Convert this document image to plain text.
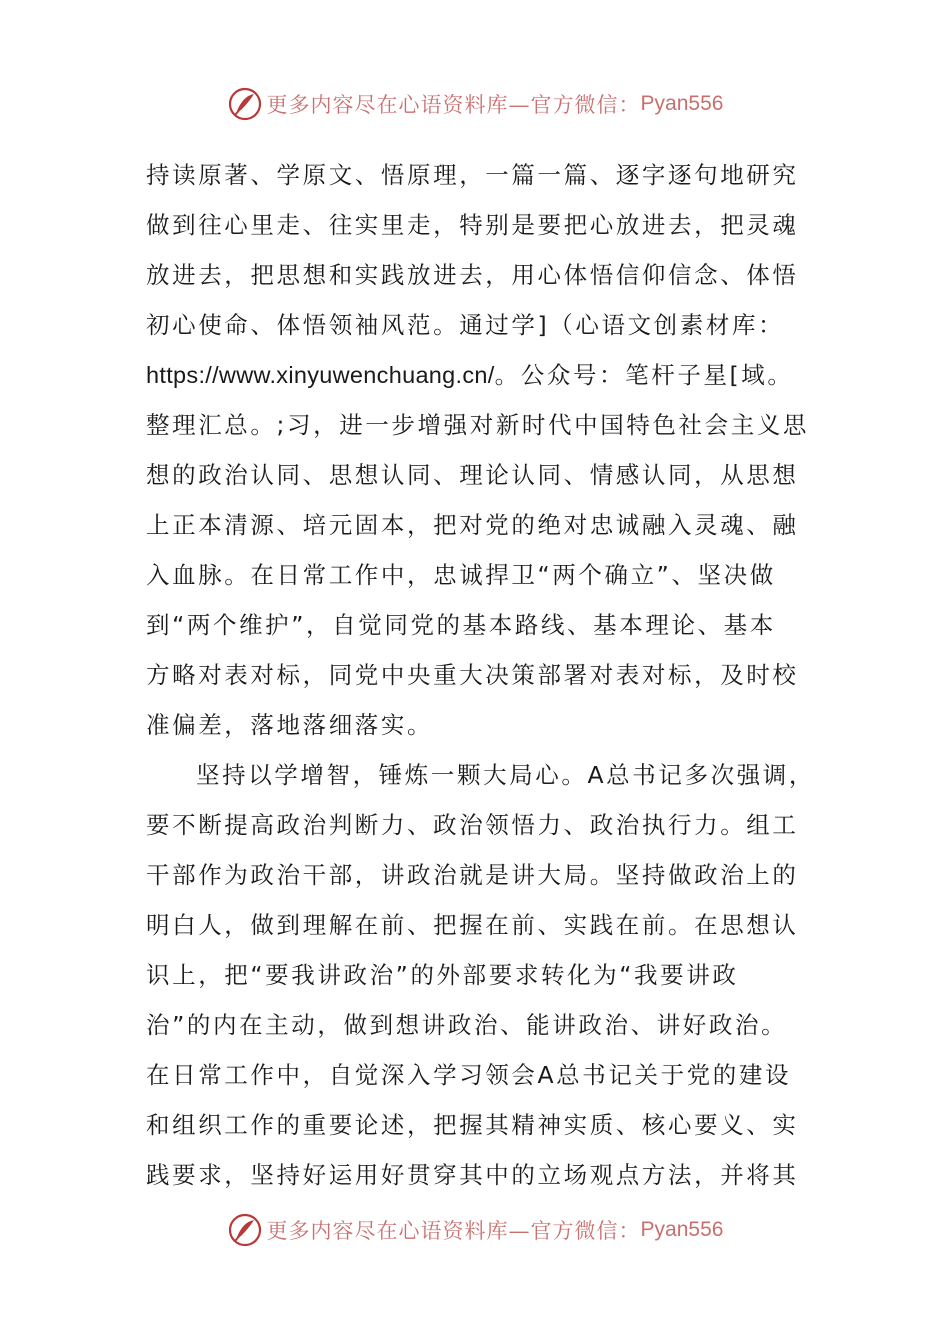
更多内容尽在心语资料库—官方微信： Pyan556
持读原著、学原文、悟原理，一篇一篇、逐字逐句地研究
做到往心里走、往实里走，特别是要把心放进去，把灵魂
放进去，把思想和实践放进去，用心体悟信仰信念、体悟
初心使命、体悟领袖风范。通过学]（心语文创素材库：
https://www.xinyuwenchuang.cn/。公众号：笔杆子星[域。
整理汇总。;习，进一步增强对新时代中国特色社会主义思
想的政治认同、思想认同、理论认同、情感认同，从思想
上正本清源、培元固本，把对党的绝对忠诚融入灵魂、融
入血脉。在日常工作中，忠诚捍卫“两个确立”、坚决做
到“两个维护”，自觉同党的基本路线、基本理论、基本
方略对表对标，同党中央重大决策部署对表对标，及时校
准偏差，落地落细落实。
坚持以学增智，锤炼一颗大局心。A总书记多次强调，
要不断提高政治判断力、政治领悟力、政治执行力。组工
干部作为政治干部，讲政治就是讲大局。坚持做政治上的
明白人，做到理解在前、把握在前、实践在前。在思想认
识上，把“要我讲政治”的外部要求转化为“我要讲政
治”的内在主动，做到想讲政治、能讲政治、讲好政治。
在日常工作中，自觉深入学习领会A总书记关于党的建设
和组织工作的重要论述，把握其精神实质、核心要义、实
践要求，坚持好运用好贯穿其中的立场观点方法，并将其
更多内容尽在心语资料库—官方微信： Pyan556
